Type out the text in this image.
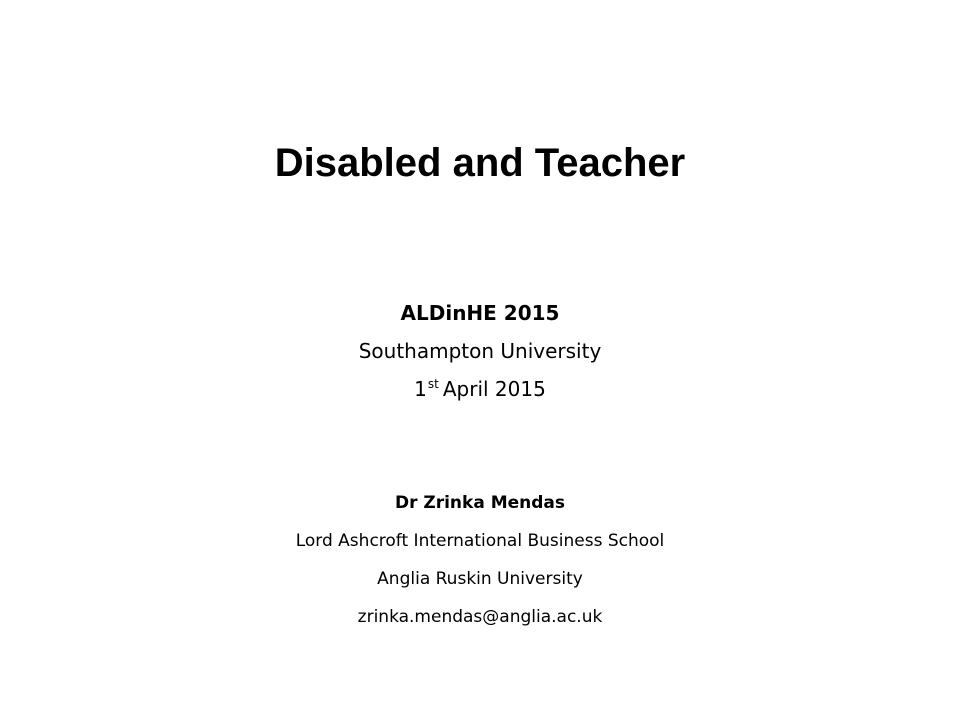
Disabled and Teacher
ALDinHE 2015
Southampton University
1st April 2015
Dr Zrinka Mendas
Lord Ashcroft International Business School
Anglia Ruskin University
zrinka.mendas@anglia.ac.uk
